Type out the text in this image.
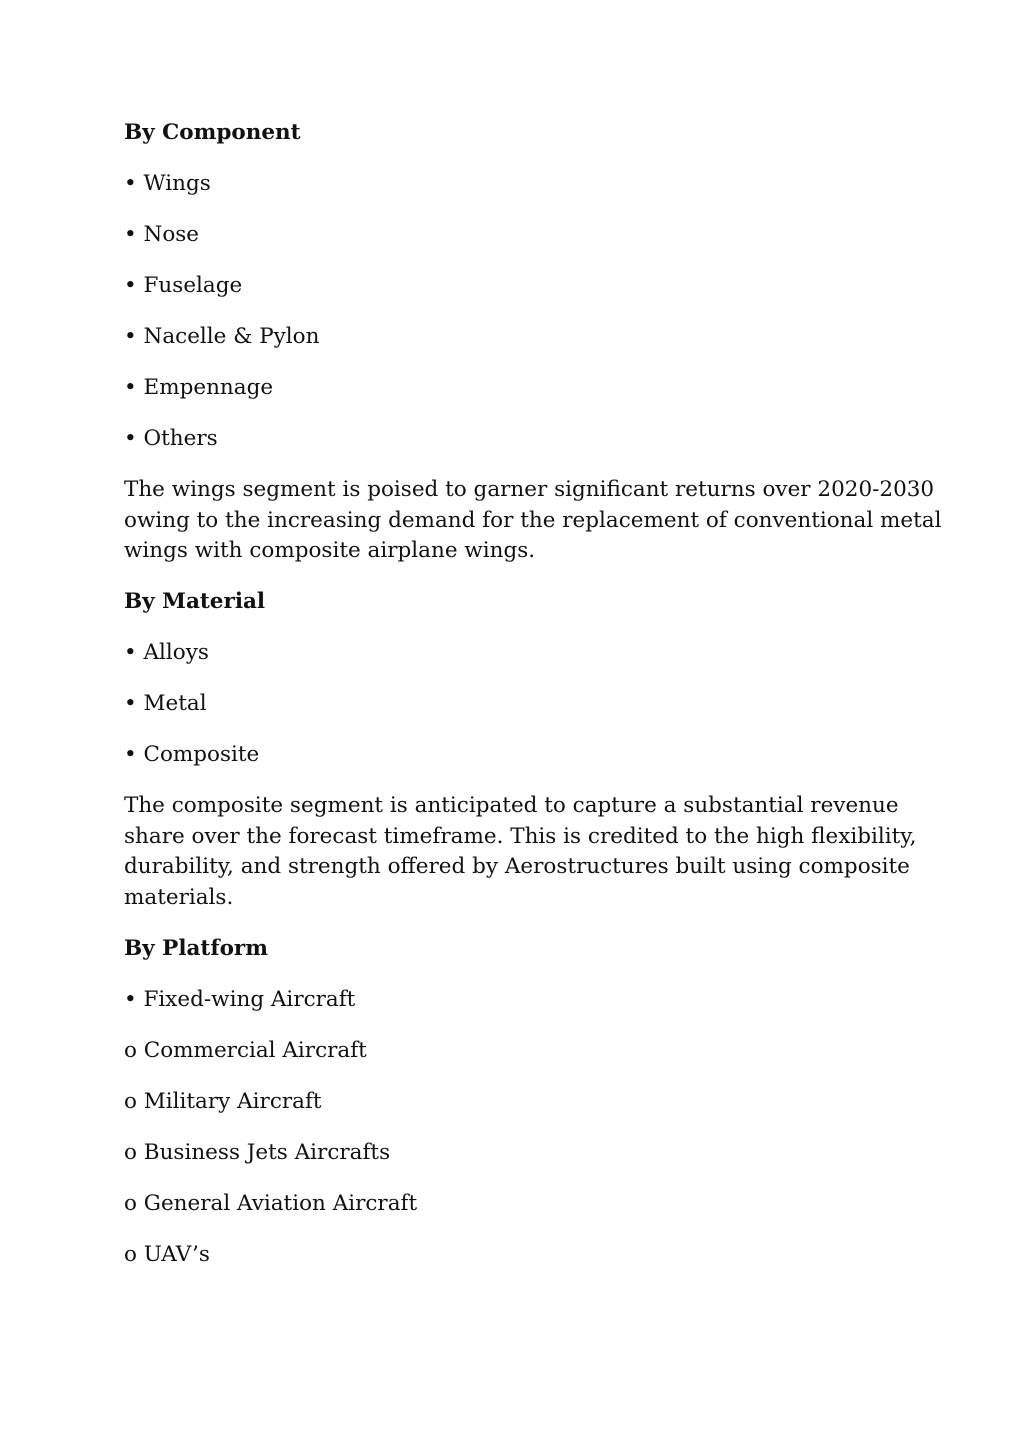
By Component
• Wings
• Nose
• Fuselage
• Nacelle & Pylon
• Empennage
• Others
The wings segment is poised to garner significant returns over 2020-2030
owing to the increasing demand for the replacement of conventional metal
wings with composite airplane wings.
By Material
• Alloys
• Metal
• Composite
The composite segment is anticipated to capture a substantial revenue
share over the forecast timeframe. This is credited to the high flexibility,
durability, and strength offered by Aerostructures built using composite
materials.
By Platform
• Fixed-wing Aircraft
o Commercial Aircraft
o Military Aircraft
o Business Jets Aircrafts
o General Aviation Aircraft
o UAV’s
